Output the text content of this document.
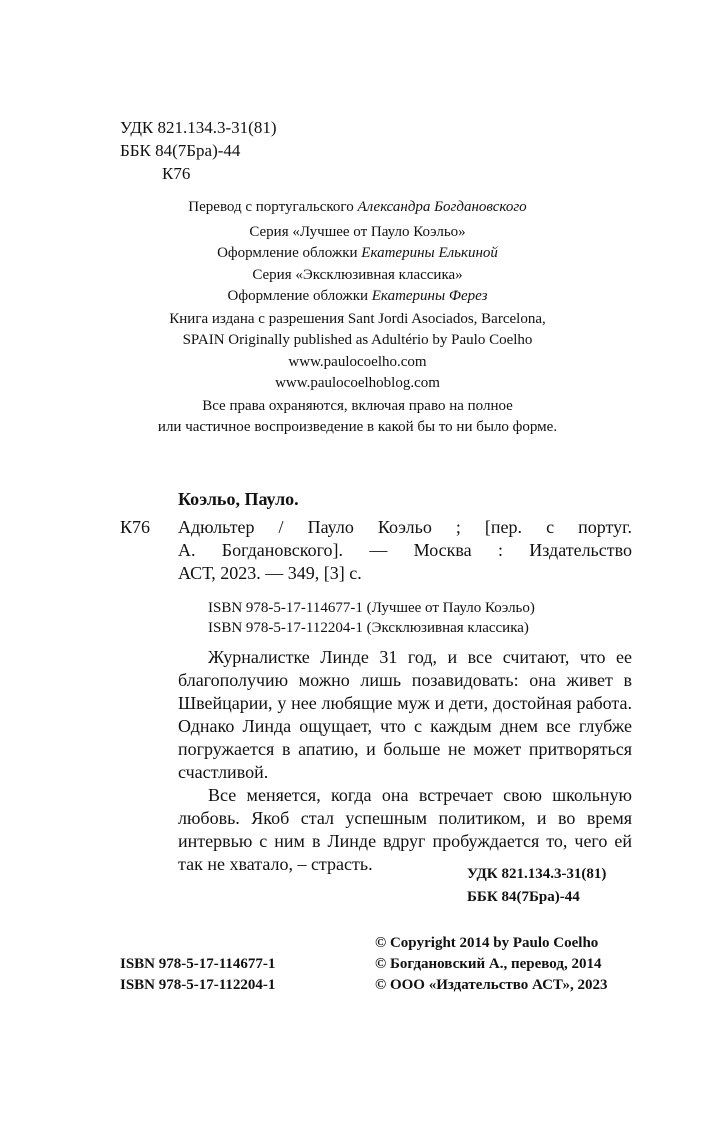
УДК 821.134.3-31(81)
ББК 84(7Бра)-44
К76
Перевод с португальского Александра Богдановского
Серия «Лучшее от Пауло Коэльо»
Оформление обложки Екатерины Елькиной
Серия «Эксклюзивная классика»
Оформление обложки Екатерины Ферез
Книга издана с разрешения Sant Jordi Asociados, Barcelona,
SPAIN Originally published as Adultério by Paulo Coelho
www.paulocoelho.com
www.paulocoelhoblog.com
Все права охраняются, включая право на полное
или частичное воспроизведение в какой бы то ни было форме.
Коэльо, Пауло.
К76 Адюльтер / Пауло Коэльо ; [пер. с португ.
А. Богдановского]. — Москва : Издательство
АСТ, 2023. — 349, [3] с.
ISBN 978-5-17-114677-1 (Лучшее от Пауло Коэльо)
ISBN 978-5-17-112204-1 (Эксклюзивная классика)

Журналистке Линде 31 год, и все считают, что ее благополучию можно лишь позавидовать: она живет в Швейцарии, у нее любящие муж и дети, достойная работа. Однако Линда ощущает, что с каждым днем все глубже погружается в апатию, и больше не может притворяться счастливой.

Все меняется, когда она встречает свою школьную любовь. Якоб стал успешным политиком, и во время интервью с ним в Линде вдруг пробуждается то, чего ей так не хватало, – страсть.	УДК 821.134.3-31(81)
ББК 84(7Бра)-44
© Copyright 2014 by Paulo Coelho
© Богдановский А., перевод, 2014
© ООО «Издательство АСТ», 2023
ISBN 978-5-17-114677-1
ISBN 978-5-17-112204-1
